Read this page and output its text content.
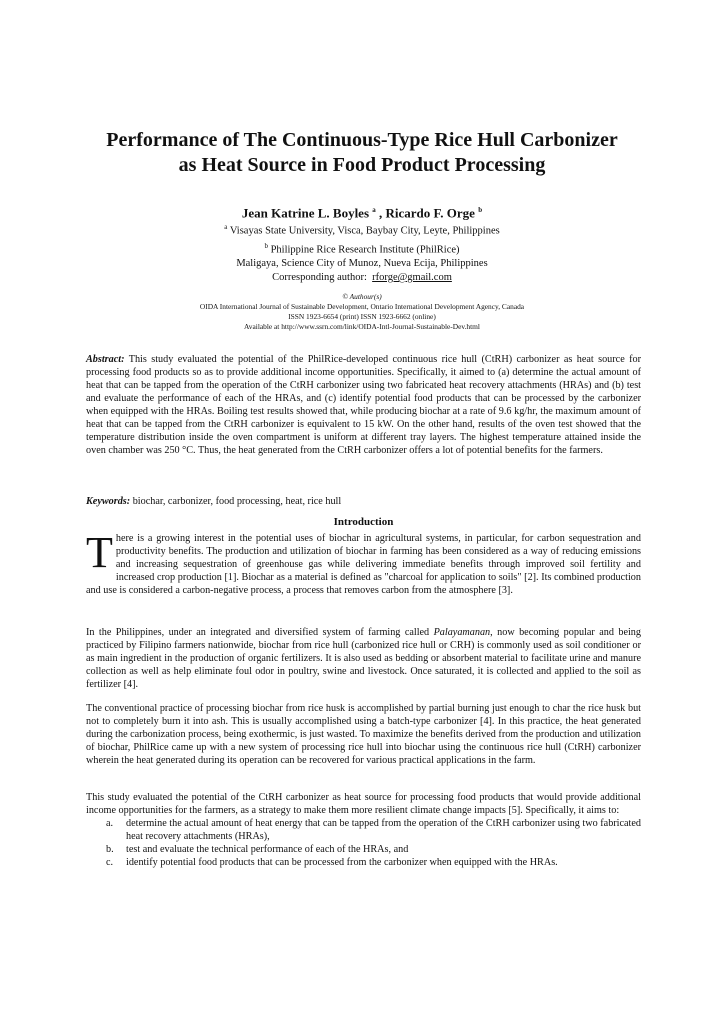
Performance of The Continuous-Type Rice Hull Carbonizer
as Heat Source in Food Product Processing
Jean Katrine L. Boyles $^a$ , Ricardo F. Orge $^b$
$^a$ Visayas State University, Visca, Baybay City, Leyte, Philippines
$^b$ Philippine Rice Research Institute (PhilRice)
Maligaya, Science City of Munoz, Nueva Ecija, Philippines
Corresponding author: rforge@gmail.com
© Authour(s)
OIDA International Journal of Sustainable Development, Ontario International Development Agency, Canada
ISSN 1923-6654 (print) ISSN 1923-6662 (online)
Available at http://www.ssrn.com/link/OIDA-Intl-Journal-Sustainable-Dev.html

Abstract: This study evaluated the potential of the PhilRice-developed continuous rice hull (CtRH) carbonizer as heat source for processing food products so as to provide additional income opportunities. Specifically, it aimed to (a) determine the actual amount of heat that can be tapped from the operation of the CtRH carbonizer using two fabricated heat recovery attachments (HRAs) and (b) test and evaluate the performance of each of the HRAs, and (c) identify potential food products that can be processed by the carbonizer when equipped with the HRAs. Boiling test results showed that, while producing biochar at a rate of 9.6 kg/hr, the maximum amount of heat that can be tapped from the CtRH carbonizer is equivalent to 15 kW. On the other hand, results of the oven test showed that the temperature distribution inside the oven compartment is uniform at different tray layers. The highest temperature attained inside the oven chamber was 250 °C. Thus, the heat generated from the CtRH carbonizer offers a lot of potential benefits for the farmers.

Keywords: biochar, carbonizer, food processing, heat, rice hull

Introduction

There is a growing interest in the potential uses of biochar in agricultural systems, in particular, for carbon sequestration and productivity benefits. The production and utilization of biochar in farming has been considered as a way of reducing emissions and increasing sequestration of greenhouse gas while delivering immediate benefits through improved soil fertility and increased crop production [1]. Biochar as a material is defined as "charcoal for application to soils" [2]. Its combined production and use is considered a carbon-negative process, a process that removes carbon from the atmosphere [3].

In the Philippines, under an integrated and diversified system of farming called Palayamanan, now becoming popular and being practiced by Filipino farmers nationwide, biochar from rice hull (carbonized rice hull or CRH) is commonly used as soil conditioner or as main ingredient in the production of organic fertilizers. It is also used as bedding or absorbent material to facilitate urine and manure collection as well as help eliminate foul odor in poultry, swine and livestock. Once saturated, it is collected and applied to the soil as fertilizer [4].

The conventional practice of processing biochar from rice husk is accomplished by partial burning just enough to char the rice husk but not to completely burn it into ash. This is usually accomplished using a batch-type carbonizer [4]. In this practice, the heat generated during the carbonization process, being exothermic, is just wasted. To maximize the benefits derived from the production and utilization of biochar, PhilRice came up with a new system of processing rice hull into biochar using the continuous rice hull (CtRH) carbonizer wherein the heat generated during its operation can be recovered for various practical applications in the farm.

This study evaluated the potential of the CtRH carbonizer as heat source for processing food products that would provide additional income opportunities for the farmers, as a strategy to make them more resilient climate change impacts [5]. Specifically, it aims to:

a. determine the actual amount of heat energy that can be tapped from the operation of the CtRH carbonizer using two fabricated heat recovery attachments (HRAs),
b. test and evaluate the technical performance of each of the HRAs, and
c. identify potential food products that can be processed from the carbonizer when equipped with the HRAs.
